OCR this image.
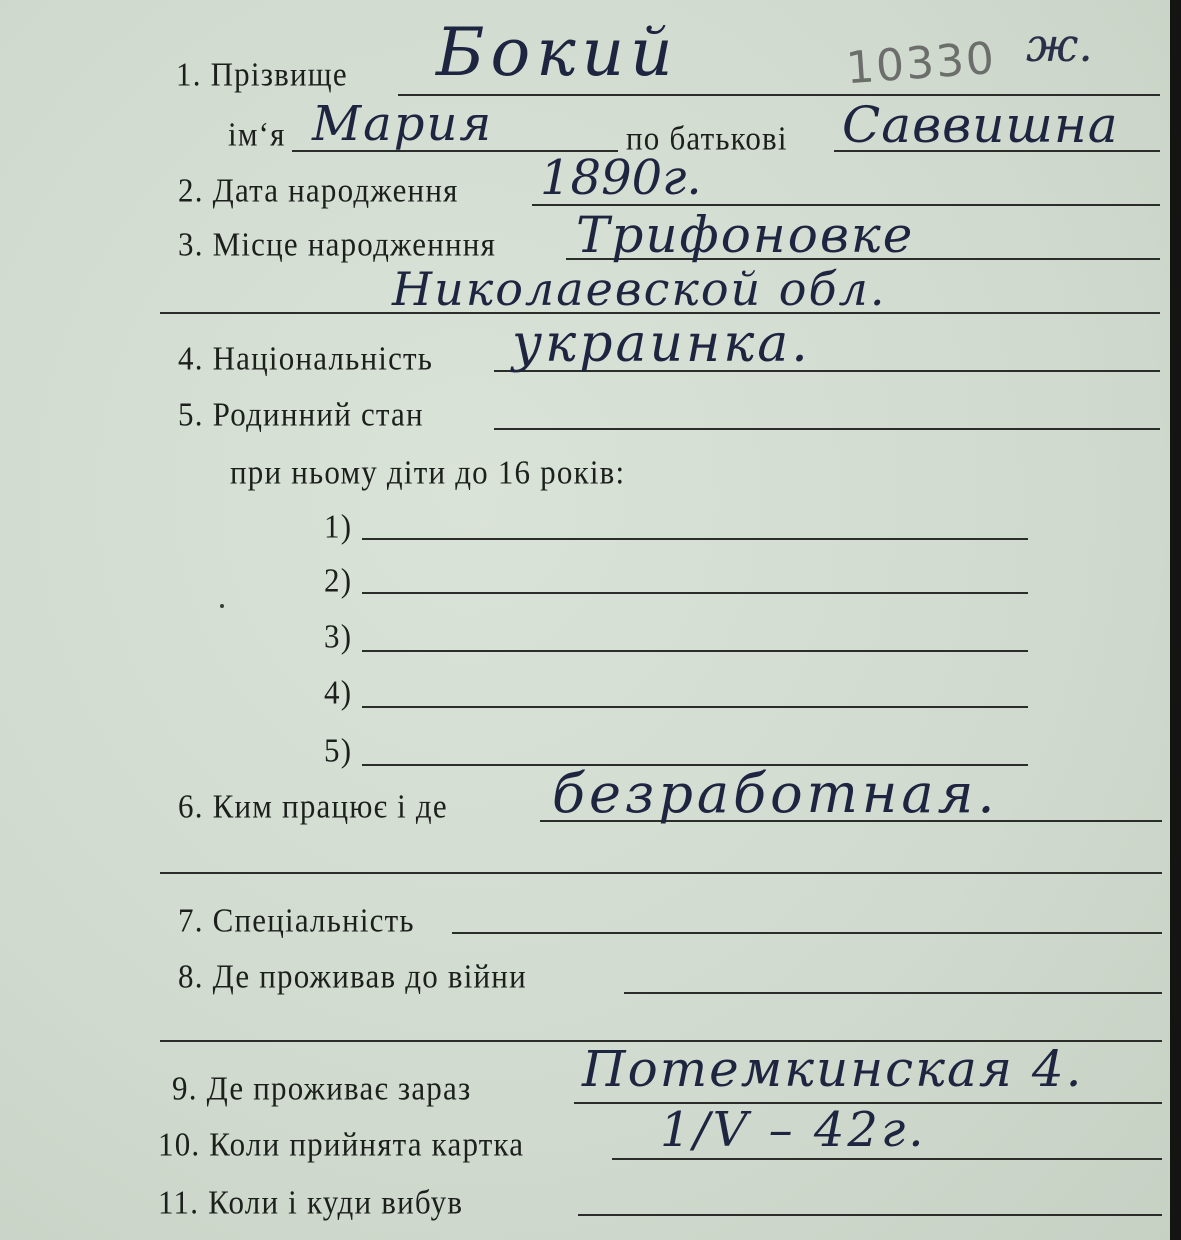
1. Прізвище Бокий	10330 ж.
ім‘я Мария	по батькові Саввишна
2. Дата народження 1890г.
3. Місце народженння Трифоновке
Николаевской обл.
4. Національність украинка.
5. Родинний стан
при ньому діти до 16 років:
1)
2)
3)
4)
5)
6. Ким працює і де безработная.
7. Спеціальність
8. Де проживав до війни
9. Де проживає зараз Потемкинская 4.
10. Коли прийнята картка	1/V – 42г.
11. Коли і куди вибув
